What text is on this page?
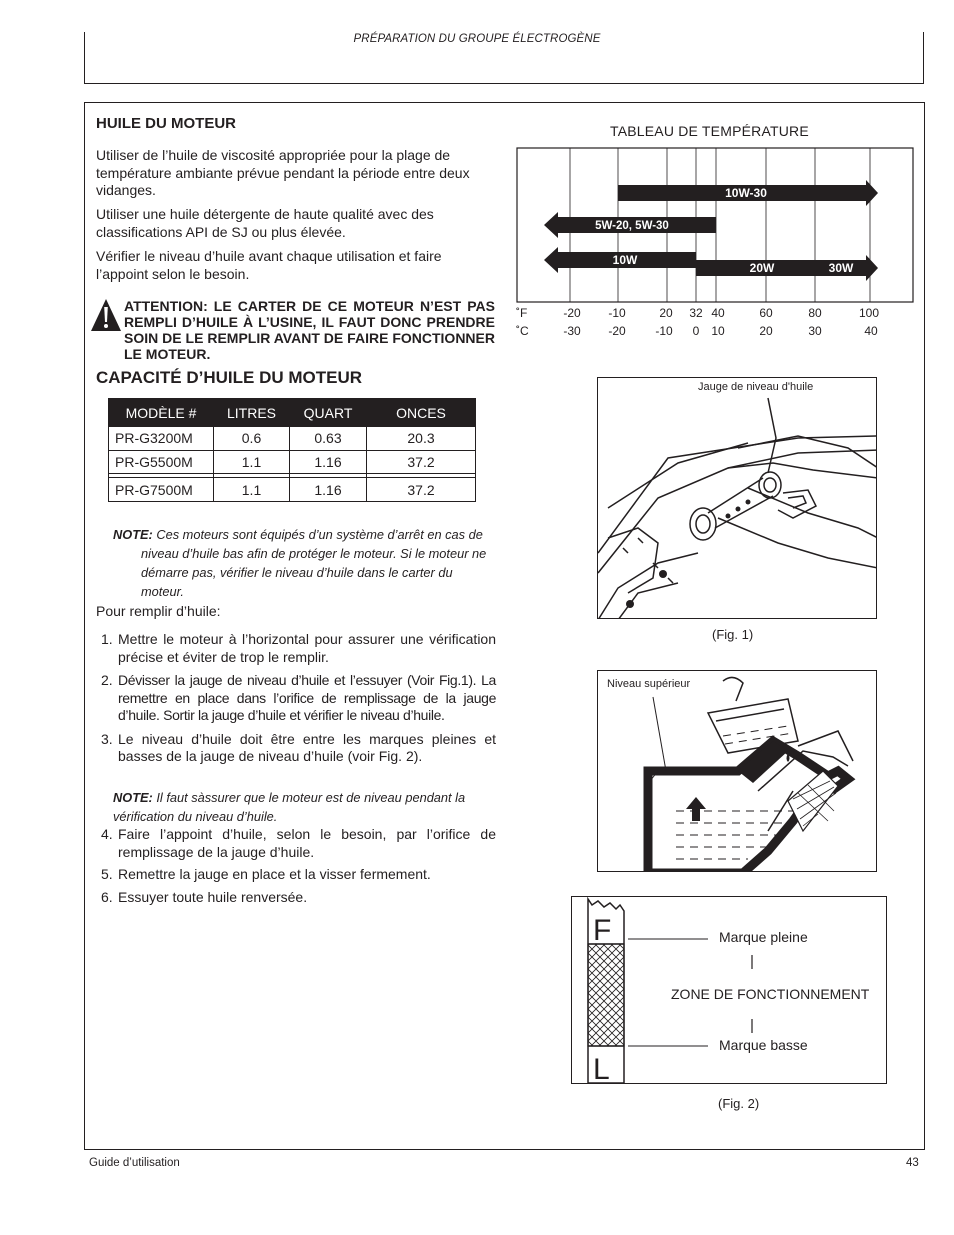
PRÉPARATION DU GROUPE ÉLECTROGÈNE
HUILE DU MOTEUR
Utiliser de l’huile de viscosité appropriée pour la plage de température ambiante prévue pendant la période entre deux vidanges.
Utiliser une huile détergente de haute qualité avec des classifications API de SJ ou plus élevée.
Vérifier le niveau d’huile avant chaque utilisation et faire l’appoint selon le besoin.
ATTENTION: LE CARTER DE CE MOTEUR N’EST PAS REMPLI D’HUILE À L’USINE, IL FAUT DONC PRENDRE SOIN DE LE REMPLIR AVANT DE FAIRE FONCTIONNER LE MOTEUR.
CAPACITÉ D’HUILE DU MOTEUR
MODÈLE #	LITRES	QUART	ONCES
PR-G3200M	0.6	0.63	20.3
PR-G5500M	1.1	1.16	37.2

PR-G7500M	1.1	1.16	37.2
NOTE: Ces moteurs sont équipés d’un système d’arrêt en cas de
niveau d’huile bas afin de protéger le moteur. Si le moteur ne démarre pas, vérifier le niveau d’huile dans le carter du moteur.
Pour remplir d’huile:
1. Mettre le moteur à l’horizontal pour assurer une vérification précise et éviter de trop le remplir.
2. Dévisser la jauge de niveau d’huile et l’essuyer (Voir Fig.1). La remettre en place dans l’orifice de remplissage de la jauge d’huile. Sortir la jauge d’huile et vérifier le niveau d’huile.
3. Le niveau d’huile doit être entre les marques pleines et basses de la jauge de niveau d’huile (voir Fig. 2).
NOTE: Il faut sàssurer que le moteur est de niveau pendant la vérification du niveau d’huile.
4. Faire l’appoint d’huile, selon le besoin, par l’orifice de remplissage de la jauge d’huile.
5. Remettre la jauge en place et la visser fermement.
6. Essuyer toute huile renversée.
TABLEAU DE TEMPÉRATURE
10W-30
5W-20, 5W-30
10W
20W	30W
˚F
˚C
-20 -10	20 32 40	60	80	100
-30 -20 -10 0 10	20	30	40
Jauge de niveau d'huile
(Fig. 1)
Niveau supérieur
F
L
Marque pleine
ZONE DE FONCTIONNEMENT
Marque basse
(Fig. 2)
Guide d’utilisation	43
